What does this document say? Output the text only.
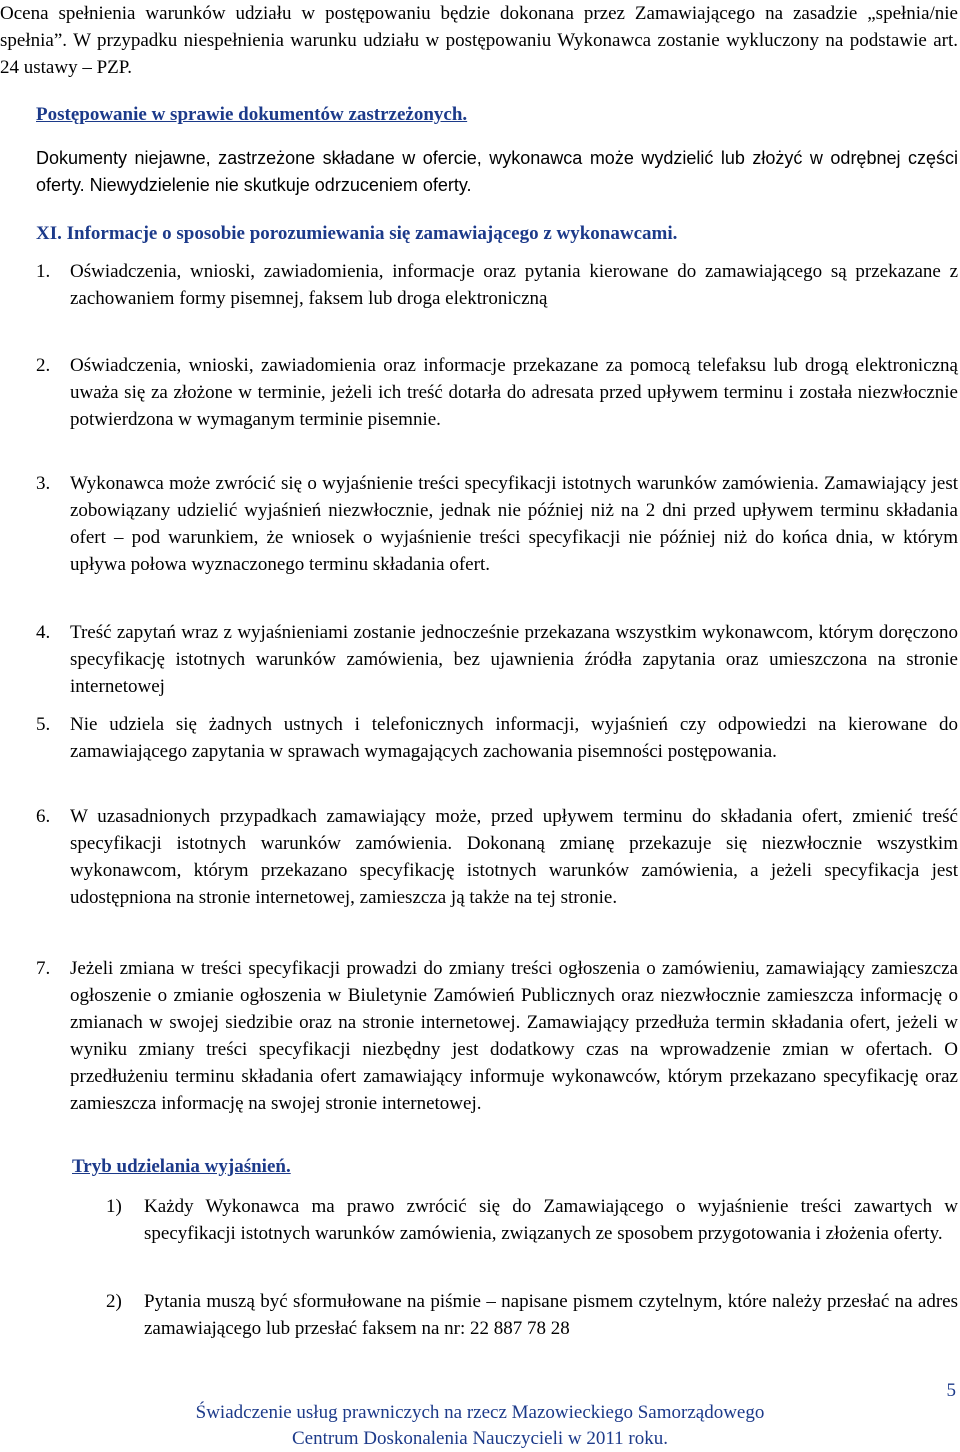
Ocena spełnienia warunków udziału w postępowaniu będzie dokonana przez Zamawiającego na zasadzie „spełnia/nie spełnia”. W przypadku niespełnienia warunku udziału w postępowaniu Wykonawca zostanie wykluczony na podstawie art. 24 ustawy – PZP.

Postępowanie w sprawie dokumentów zastrzeżonych.

Dokumenty niejawne, zastrzeżone składane w ofercie, wykonawca może wydzielić lub złożyć w odrębnej części oferty. Niewydzielenie nie skutkuje odrzuceniem oferty.

XI. Informacje o sposobie porozumiewania się zamawiającego z wykonawcami.

1. Oświadczenia, wnioski, zawiadomienia, informacje oraz pytania kierowane do zamawiającego są przekazane z zachowaniem formy pisemnej, faksem lub droga elektroniczną
2. Oświadczenia, wnioski, zawiadomienia oraz informacje przekazane za pomocą telefaksu lub drogą elektroniczną uważa się za złożone w terminie, jeżeli ich treść dotarła do adresata przed upływem terminu i została niezwłocznie potwierdzona w wymaganym terminie pisemnie.
3. Wykonawca może zwrócić się o wyjaśnienie treści specyfikacji istotnych warunków zamówienia. Zamawiający jest zobowiązany udzielić wyjaśnień niezwłocznie, jednak nie później niż na 2 dni przed upływem terminu składania ofert – pod warunkiem, że wniosek o wyjaśnienie treści specyfikacji nie później niż do końca dnia, w którym upływa połowa wyznaczonego terminu składania ofert.
4. Treść zapytań wraz z wyjaśnieniami zostanie jednocześnie przekazana wszystkim wykonawcom, którym doręczono specyfikację istotnych warunków zamówienia, bez ujawnienia źródła zapytania oraz umieszczona na stronie internetowej
5. Nie udziela się żadnych ustnych i telefonicznych informacji, wyjaśnień czy odpowiedzi na kierowane do zamawiającego zapytania w sprawach wymagających zachowania pisemności postępowania.
6. W uzasadnionych przypadkach zamawiający może, przed upływem terminu do składania ofert, zmienić treść specyfikacji istotnych warunków zamówienia. Dokonaną zmianę przekazuje się niezwłocznie wszystkim wykonawcom, którym przekazano specyfikację istotnych warunków zamówienia, a jeżeli specyfikacja jest udostępniona na stronie internetowej, zamieszcza ją także na tej stronie.
7. Jeżeli zmiana w treści specyfikacji prowadzi do zmiany treści ogłoszenia o zamówieniu, zamawiający zamieszcza ogłoszenie o zmianie ogłoszenia w Biuletynie Zamówień Publicznych oraz niezwłocznie zamieszcza informację o zmianach w swojej siedzibie oraz na stronie internetowej. Zamawiający przedłuża termin składania ofert, jeżeli w wyniku zmiany treści specyfikacji niezbędny jest dodatkowy czas na wprowadzenie zmian w ofertach. O przedłużeniu terminu składania ofert zamawiający informuje wykonawców, którym przekazano specyfikację oraz zamieszcza informację na swojej stronie internetowej.

Tryb udzielania wyjaśnień.

1) Każdy Wykonawca ma prawo zwrócić się do Zamawiającego o wyjaśnienie treści zawartych w specyfikacji istotnych warunków zamówienia, związanych ze sposobem przygotowania i złożenia oferty.
2) Pytania muszą być sformułowane na piśmie – napisane pismem czytelnym, które należy przesłać na adres zamawiającego lub przesłać faksem na nr: 22 887 78 28
5
Świadczenie usług prawniczych na rzecz Mazowieckiego Samorządowego
Centrum Doskonalenia Nauczycieli w 2011 roku.
